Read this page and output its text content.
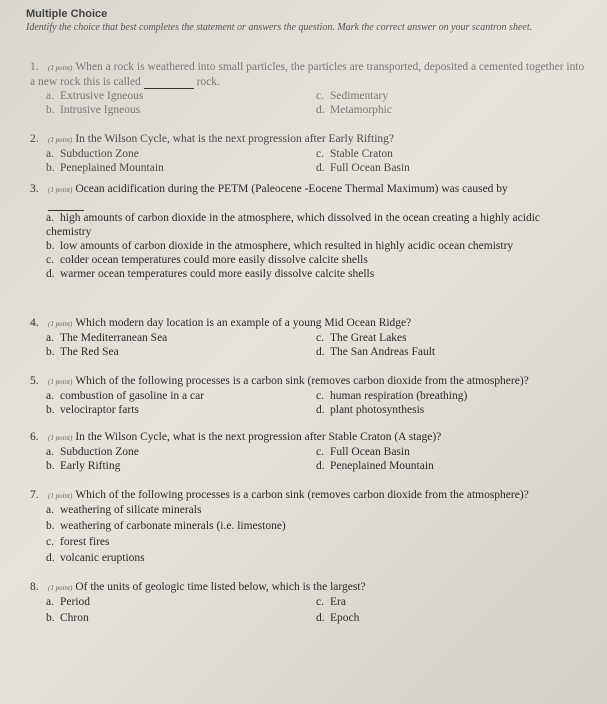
Multiple Choice
Identify the choice that best completes the statement or answers the question. Mark the correct answer on your scantron sheet.
1. (1 point) When a rock is weathered into small particles, the particles are transported, deposited a cemented together into a new rock this is called	rock.
a. Extrusive Igneous	c. Sedimentary
b. Intrusive Igneous	d. Metamorphic
2. (1 point) In the Wilson Cycle, what is the next progression after Early Rifting?
a. Subduction Zone	c. Stable Craton
b. Peneplained Mountain	d. Full Ocean Basin
3. (1 point) Ocean acidification during the PETM (Paleocene -Eocene Thermal Maximum) was caused by
a. high amounts of carbon dioxide in the atmosphere, which dissolved in the ocean creating a highly acidic chemistry
b. low amounts of carbon dioxide in the atmosphere, which resulted in highly acidic ocean chemistry
c. colder ocean temperatures could more easily dissolve calcite shells
d. warmer ocean temperatures could more easily dissolve calcite shells
4. (1 point) Which modern day location is an example of a young Mid Ocean Ridge?
a. The Mediterranean Sea	c. The Great Lakes
b. The Red Sea	d. The San Andreas Fault
5. (1 point) Which of the following processes is a carbon sink (removes carbon dioxide from the atmosphere)?
a. combustion of gasoline in a car	c. human respiration (breathing)
b. velociraptor farts	d. plant photosynthesis
6. (1 point) In the Wilson Cycle, what is the next progression after Stable Craton (A stage)?
a. Subduction Zone	c. Full Ocean Basin
b. Early Rifting	d. Peneplained Mountain
7. (1 point) Which of the following processes is a carbon sink (removes carbon dioxide from the atmosphere)?
a. weathering of silicate minerals
b. weathering of carbonate minerals (i.e. limestone)
c. forest fires
d. volcanic eruptions
8. (1 point) Of the units of geologic time listed below, which is the largest?
a. Period	c. Era
b. Chron	d. Epoch
